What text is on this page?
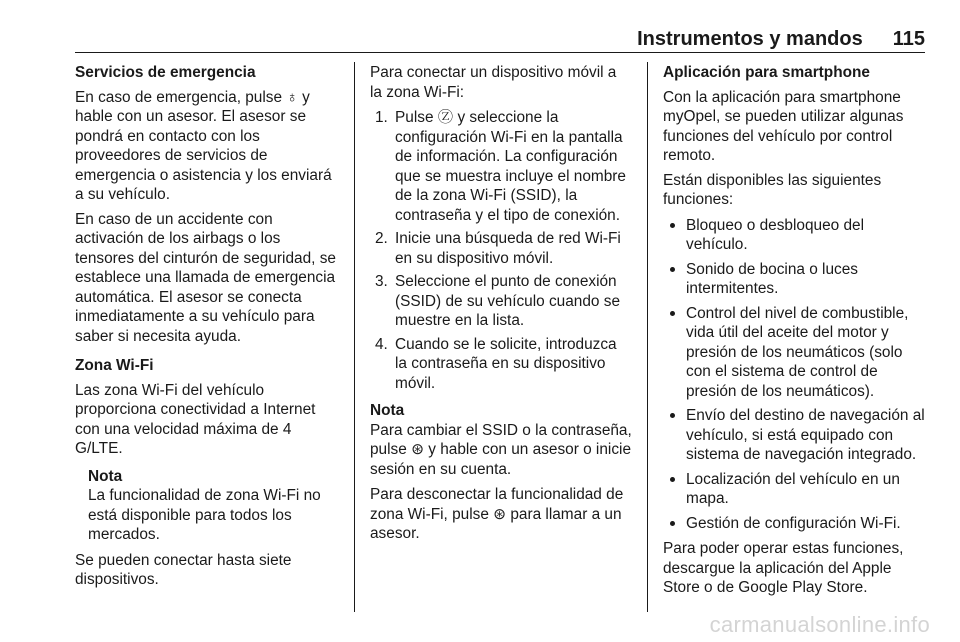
Instrumentos y mandos 115

Servicios de emergencia

En caso de emergencia, pulse ♁ y hable con un asesor. El asesor se pondrá en contacto con los proveedores de servicios de emergencia o asistencia y los enviará a su vehículo.

En caso de un accidente con activación de los airbags o los tensores del cinturón de seguridad, se establece una llamada de emergencia automática. El asesor se conecta inmediatamente a su vehículo para saber si necesita ayuda.

Zona Wi-Fi

Las zona Wi-Fi del vehículo proporciona conectividad a Internet con una velocidad máxima de 4 G/LTE.

Nota
La funcionalidad de zona Wi-Fi no está disponible para todos los mercados.

Se pueden conectar hasta siete dispositivos.

Para conectar un dispositivo móvil a la zona Wi-Fi:

1. Pulse Ⓩ y seleccione la configuración Wi-Fi en la pantalla de información. La configuración que se muestra incluye el nombre de la zona Wi-Fi (SSID), la contraseña y el tipo de conexión.
2. Inicie una búsqueda de red Wi-Fi en su dispositivo móvil.
3. Seleccione el punto de conexión (SSID) de su vehículo cuando se muestre en la lista.
4. Cuando se le solicite, introduzca la contraseña en su dispositivo móvil.
Nota
Para cambiar el SSID o la contraseña, pulse ⊛ y hable con un asesor o inicie sesión en su cuenta.

Para desconectar la funcionalidad de zona Wi-Fi, pulse ⊛ para llamar a un asesor.

Aplicación para smartphone

Con la aplicación para smartphone myOpel, se pueden utilizar algunas funciones del vehículo por control remoto.

Están disponibles las siguientes funciones:

Bloqueo o desbloqueo del vehículo.
Sonido de bocina o luces intermitentes.
Control del nivel de combustible, vida útil del aceite del motor y presión de los neumáticos (solo con el sistema de control de presión de los neumáticos).
Envío del destino de navegación al vehículo, si está equipado con sistema de navegación integrado.
Localización del vehículo en un mapa.
Gestión de configuración Wi-Fi.

Para poder operar estas funciones, descargue la aplicación del Apple Store o de Google Play Store.

carmanualsonline.info
